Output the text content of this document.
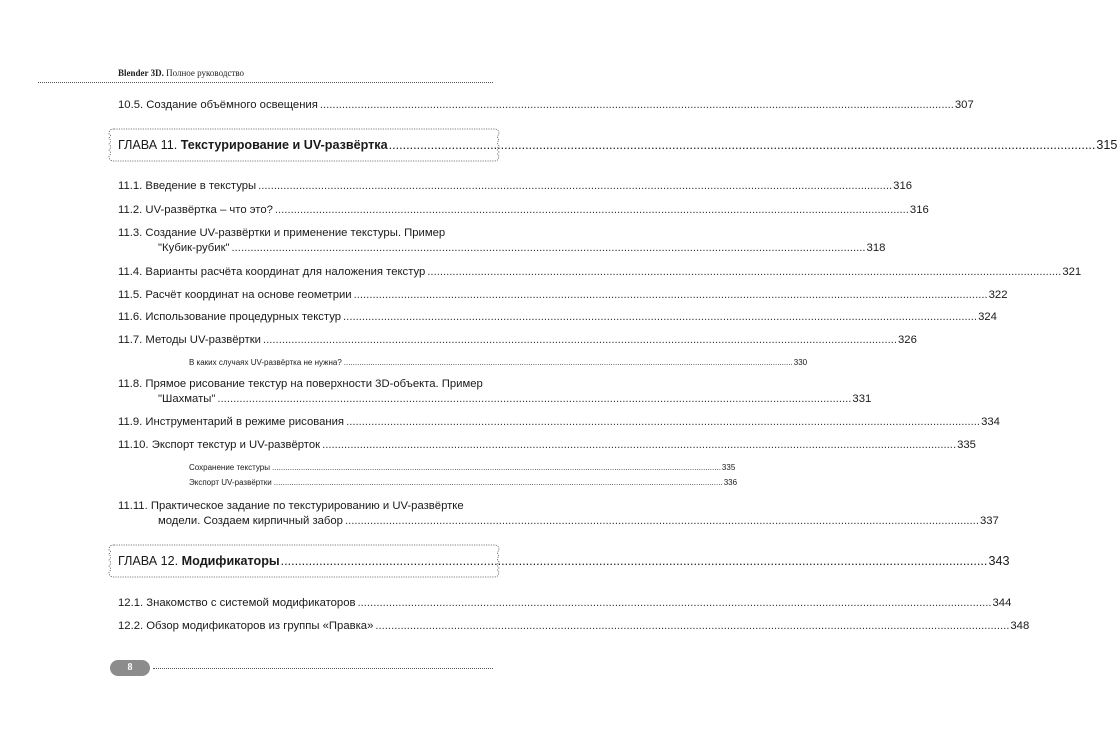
Blender 3D. Полное руководство
10.5. Создание объёмного освещения .......................................................................................................................................................................................................... 307
ГЛАВА 11. Текстурирование и UV-развёртка .......................................................................................................................................................................................................... 315
11.1. Введение в текстуры .......................................................................................................................................................................................................... 316
11.2. UV-развёртка – что это? .......................................................................................................................................................................................................... 316
11.3. Создание UV-развёртки и применение текстуры. Пример
"Кубик-рубик" .......................................................................................................................................................................................................... 318
11.4. Варианты расчёта координат для наложения текстур .......................................................................................................................................................................................................... 321
11.5. Расчёт координат на основе геометрии .......................................................................................................................................................................................................... 322
11.6. Использование процедурных текстур .......................................................................................................................................................................................................... 324
11.7. Методы UV-развёртки .......................................................................................................................................................................................................... 326
В каких случаях UV-развёртка не нужна? .......................................................................................................................................................................................................... 330
11.8. Прямое рисование текстур на поверхности 3D-объекта. Пример
"Шахматы" .......................................................................................................................................................................................................... 331
11.9. Инструментарий в режиме рисования .......................................................................................................................................................................................................... 334
11.10. Экспорт текстур и UV-развёрток .......................................................................................................................................................................................................... 335
Сохранение текстуры .......................................................................................................................................................................................................... 335
Экспорт UV-развёртки .......................................................................................................................................................................................................... 336
11.11. Практическое задание по текстурированию и UV-развёртке
модели. Создаем кирпичный забор .......................................................................................................................................................................................................... 337
ГЛАВА 12. Модификаторы .......................................................................................................................................................................................................... 343
12.1. Знакомство с системой модификаторов .......................................................................................................................................................................................................... 344
12.2. Обзор модификаторов из группы «Правка» .......................................................................................................................................................................................................... 348
8
